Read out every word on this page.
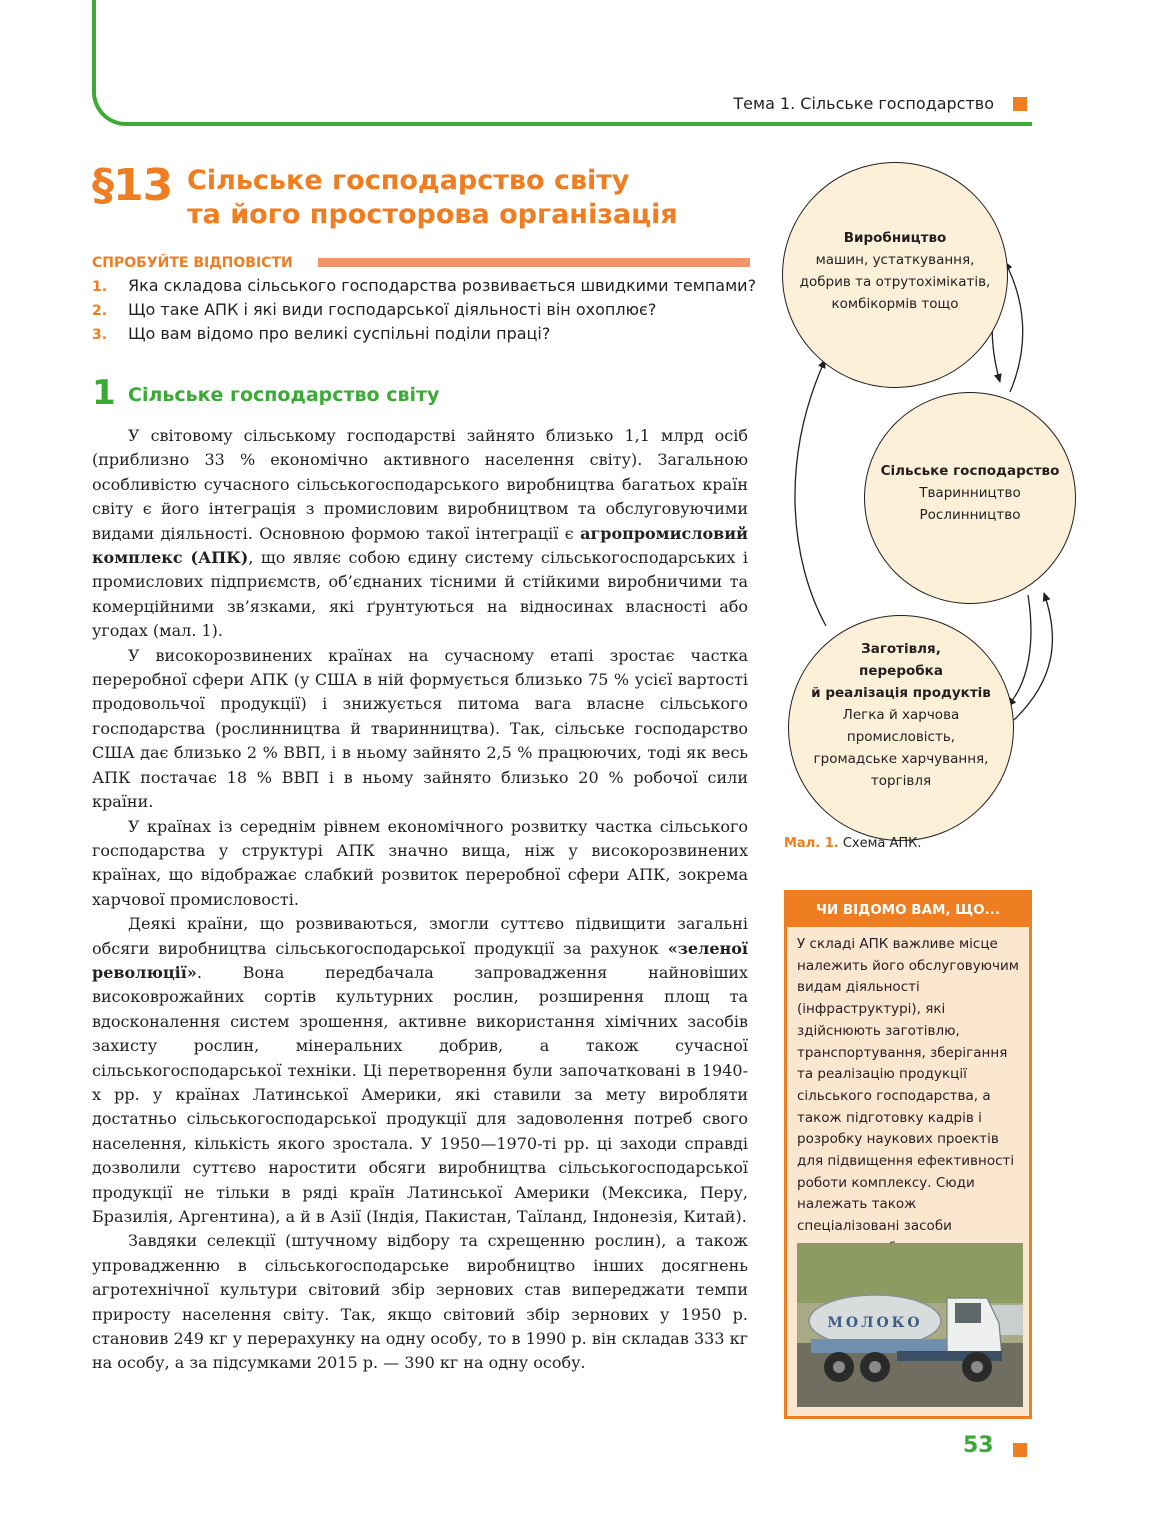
Тема 1. Сільське господарство
§13 Сільське господарство світу
та його просторова організація
СПРОБУЙТЕ ВІДПОВІСТИ
1. Яка складова сільського господарства розвивається швидкими темпами?
2. Що таке АПК і які види господарської діяльності він охоплює?
3. Що вам відомо про великі суспільні поділи праці?
1 Сільське господарство світу

У світовому сільському господарстві зайнято близько 1,1 млрд осіб (приблизно 33 % економічно активного населення світу). Загальною особливістю сучасного сільськогосподарського виробництва багатьох країн світу є його інтеграція з промисловим виробництвом та обслуговуючими видами діяльності. Основною формою такої інтеграції є агропромисловий комплекс (АПК), що являє собою єдину систему сільськогосподарських і промислових підприємств, об’єднаних тісними й стійкими виробничими та комерційними зв’язками, які ґрунтуються на відносинах власності або угодах (мал. 1).

У високорозвинених країнах на сучасному етапі зростає частка переробної сфери АПК (у США в ній формується близько 75 % усієї вартості продовольчої продукції) і знижується питома вага власне сільського господарства (рослинництва й тваринництва). Так, сільське господарство США дає близько 2 % ВВП, і в ньому зайнято 2,5 % працюючих, тоді як весь АПК постачає 18 % ВВП і в ньому зайнято близько 20 % робочої сили країни.

У країнах із середнім рівнем економічного розвитку частка сільського господарства у структурі АПК значно вища, ніж у високорозвинених країнах, що відображає слабкий розвиток переробної сфери АПК, зокрема харчової промисловості.

Деякі країни, що розвиваються, змогли суттєво підвищити загальні обсяги виробництва сільськогосподарської продукції за рахунок «зеленої революції». Вона передбачала запровадження найновіших високоврожайних сортів культурних рослин, розширення площ та вдосконалення систем зрошення, активне використання хімічних засобів захисту рослин, мінеральних добрив, а також сучасної сільськогосподарської техніки. Ці перетворення були започатковані в 1940-х рр. у країнах Латинської Америки, які ставили за мету виробляти достатньо сільськогосподарської продукції для задоволення потреб свого населення, кількість якого зростала. У 1950—1970-ті рр. ці заходи справді дозволили суттєво наростити обсяги виробництва сільськогосподарської продукції не тільки в ряді країн Латинської Америки (Мексика, Перу, Бразилія, Аргентина), а й в Азії (Індія, Пакистан, Таїланд, Індонезія, Китай).

Завдяки селекції (штучному відбору та схрещенню рослин), а також упровадженню в сільськогосподарське виробництво інших досягнень агротехнічної культури світовий збір зернових став випереджати темпи приросту населення світу. Так, якщо світовий збір зернових у 1950 р. становив 249 кг у перерахунку на одну особу, то в 1990 р. він складав 333 кг на особу, а за підсумками 2015 р. — 390 кг на одну особу.

Виробництво
машин, устаткування,
добрив та отрутохімікатів,
комбікормів тощо
Сільське господарство
Тваринництво
Рослинництво
Заготівля,
переробка
й реалізація продуктів
Легка й харчова
промисловість,
громадське харчування,
торгівля
Мал. 1. Схема АПК.
ЧИ ВІДОМО ВАМ, ЩО...
У складі АПК важливе місце належить його обслуговуючим видам діяльності (інфраструктурі), які здійснюють заготівлю, транспортування, зберігання та реалізацію продукції сільського господарства, а також підготовку кадрів і розробку наукових проектів для підвищення ефективності роботи комплексу. Сюди належать також спеціалізовані засоби
МОЛОКО
53
